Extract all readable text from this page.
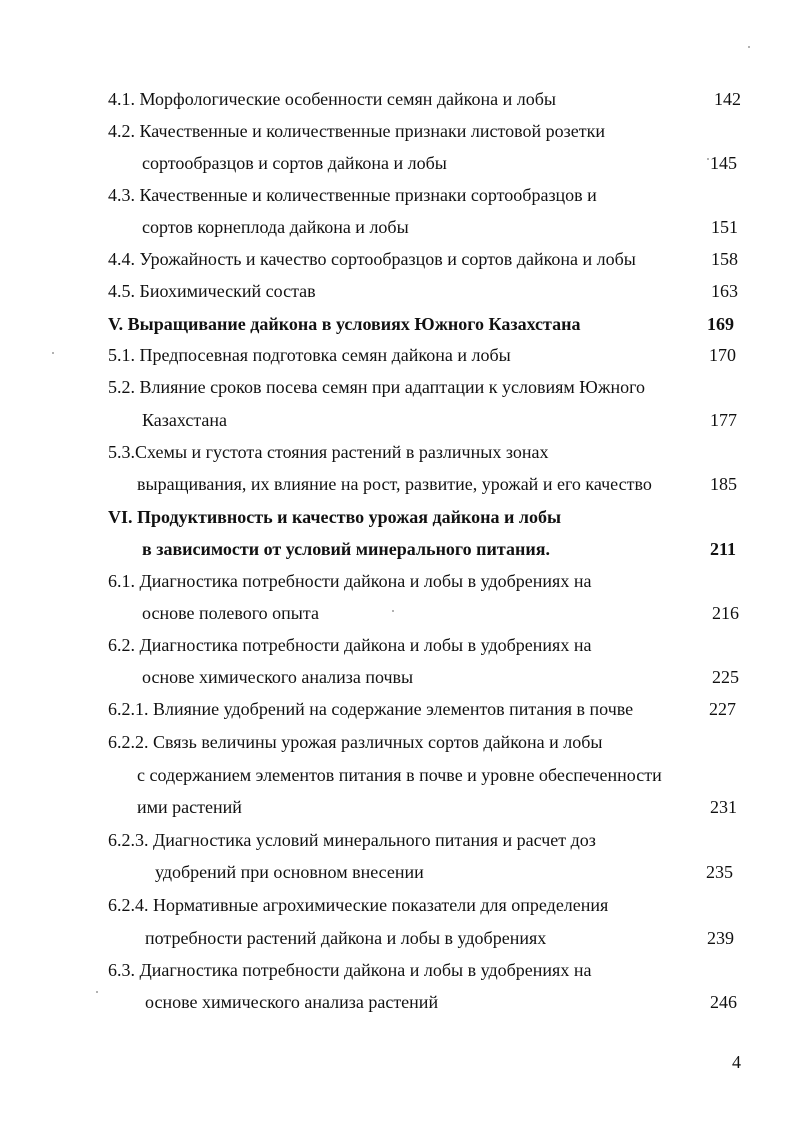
4.1. Морфологические особенности семян дайкона и лобы	142
4.2. Качественные и количественные признаки листовой розетки
сортообразцов и сортов дайкона и лобы	145
4.3. Качественные и количественные признаки сортообразцов и
сортов корнеплода дайкона и лобы	151
4.4. Урожайность и качество сортообразцов и сортов дайкона и лобы	158
4.5. Биохимический состав	163
V. Выращивание дайкона в условиях Южного Казахстана	169
5.1. Предпосевная подготовка семян дайкона и лобы	170
5.2. Влияние сроков посева семян при адаптации к условиям Южного
Казахстана	177
5.3.Схемы и густота стояния растений в различных зонах
выращивания, их влияние на рост, развитие, урожай и его качество	185
VI. Продуктивность и качество урожая дайкона и лобы
в зависимости от условий минерального питания.	211
6.1. Диагностика потребности дайкона и лобы в удобрениях на
основе полевого опыта	216
6.2. Диагностика потребности дайкона и лобы в удобрениях на
основе химического анализа почвы	225
6.2.1. Влияние удобрений на содержание элементов питания в почве	227
6.2.2. Связь величины урожая различных сортов дайкона и лобы
с содержанием элементов питания в почве и уровне обеспеченности
ими растений	231
6.2.3. Диагностика условий минерального питания и расчет доз
удобрений при основном внесении	235
6.2.4. Нормативные агрохимические показатели для определения
потребности растений дайкона и лобы в удобрениях	239
6.3. Диагностика потребности дайкона и лобы в удобрениях на
основе химического анализа растений	246
4
